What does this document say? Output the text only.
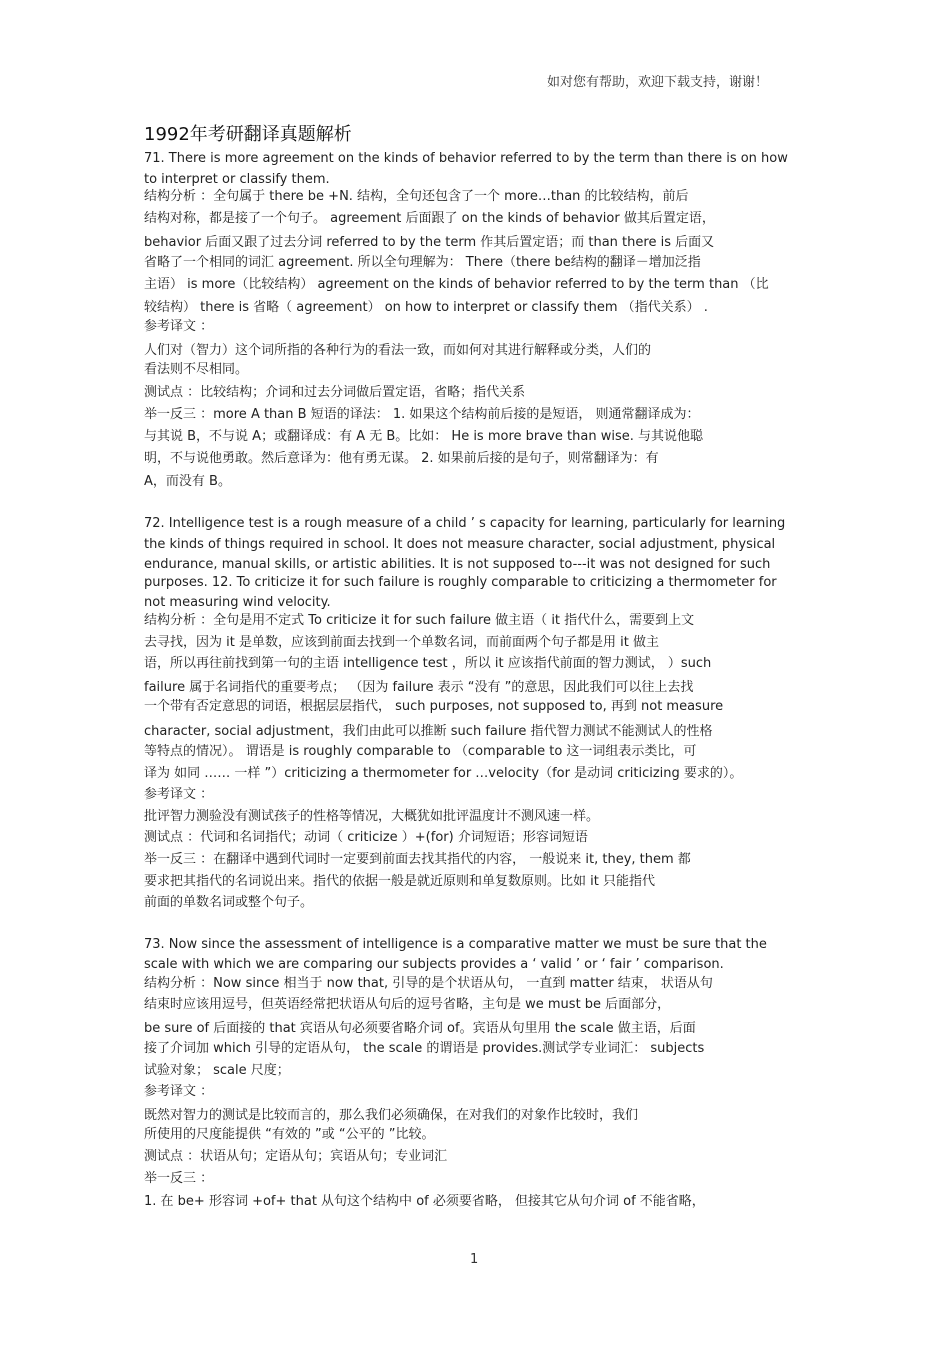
如对您有帮助，欢迎下载支持，谢谢！
1992年考研翻译真题解析
71. There is more agreement on the kinds of behavior referred to by the term than there is on how
to interpret or classify them.
结构分析 ：全句属于 there be +N. 结构，全句还包含了一个 more…than 的比较结构，前后
结构对称，都是接了一个句子。 agreement 后面跟了 on the kinds of behavior 做其后置定语，
behavior 后面又跟了过去分词 referred to by the term 作其后置定语；而 than there is 后面又
省略了一个相同的词汇 agreement. 所以全句理解为： There（there be结构的翻译－增加泛指
主语） is more（比较结构） agreement on the kinds of behavior referred to by the term than （比
较结构） there is 省略（ agreement） on how to interpret or classify them （指代关系） .
参考译文 ：
人们对（智力）这个词所指的各种行为的看法一致，而如何对其进行解释或分类，人们的
看法则不尽相同。
测试点 ：比较结构；介词和过去分词做后置定语，省略；指代关系
举一反三 ：more A than B 短语的译法： 1. 如果这个结构前后接的是短语， 则通常翻译成为：
与其说 B，不与说 A；或翻译成：有 A 无 B。比如： He is more brave than wise. 与其说他聪
明，不与说他勇敢。然后意译为：他有勇无谋。 2. 如果前后接的是句子，则常翻译为：有
A，而没有 B。
72. Intelligence test is a rough measure of a child ’ s capacity for learning, particularly for learning
the kinds of things required in school. It does not measure character, social adjustment, physical
endurance, manual skills, or artistic abilities. It is not supposed to---it was not designed for such
purposes. 12. To criticize it for such failure is roughly comparable to criticizing a thermometer for
not measuring wind velocity.
结构分析 ：全句是用不定式 To criticize it for such failure 做主语（ it 指代什么，需要到上文
去寻找，因为 it 是单数，应该到前面去找到一个单数名词，而前面两个句子都是用 it 做主
语，所以再往前找到第一句的主语 intelligence test ，所以 it 应该指代前面的智力测试， ）such
failure 属于名词指代的重要考点； （因为 failure 表示 “没有 ”的意思，因此我们可以往上去找
一个带有否定意思的词语，根据层层指代， such purposes, not supposed to, 再到 not measure
character, social adjustment，我们由此可以推断 such failure 指代智力测试不能测试人的性格
等特点的情况）。 谓语是 is roughly comparable to （comparable to 这一词组表示类比，可
译为 如同 …… 一样 ”）criticizing a thermometer for …velocity（for 是动词 criticizing 要求的）。
参考译文 ：
批评智力测验没有测试孩子的性格等情况，大概犹如批评温度计不测风速一样。
测试点 ：代词和名词指代；动词（ criticize ）+(for) 介词短语；形容词短语
举一反三 ：在翻译中遇到代词时一定要到前面去找其指代的内容， 一般说来 it, they, them 都
要求把其指代的名词说出来。指代的依据一般是就近原则和单复数原则。比如 it 只能指代
前面的单数名词或整个句子。
73. Now since the assessment of intelligence is a comparative matter we must be sure that the
scale with which we are comparing our subjects provides a ‘ valid ’ or ‘ fair ’ comparison.
结构分析 ：Now since 相当于 now that, 引导的是个状语从句， 一直到 matter 结束， 状语从句
结束时应该用逗号，但英语经常把状语从句后的逗号省略，主句是 we must be 后面部分，
be sure of 后面接的 that 宾语从句必须要省略介词 of。宾语从句里用 the scale 做主语，后面
接了介词加 which 引导的定语从句， the scale 的谓语是 provides.测试学专业词汇： subjects
试验对象； scale 尺度；
参考译文 ：
既然对智力的测试是比较而言的，那么我们必须确保，在对我们的对象作比较时，我们
所使用的尺度能提供 “有效的 ”或 “公平的 ”比较。
测试点 ：状语从句；定语从句；宾语从句；专业词汇
举一反三 ：
1. 在 be+ 形容词 +of+ that 从句这个结构中 of 必须要省略， 但接其它从句介词 of 不能省略，
1
